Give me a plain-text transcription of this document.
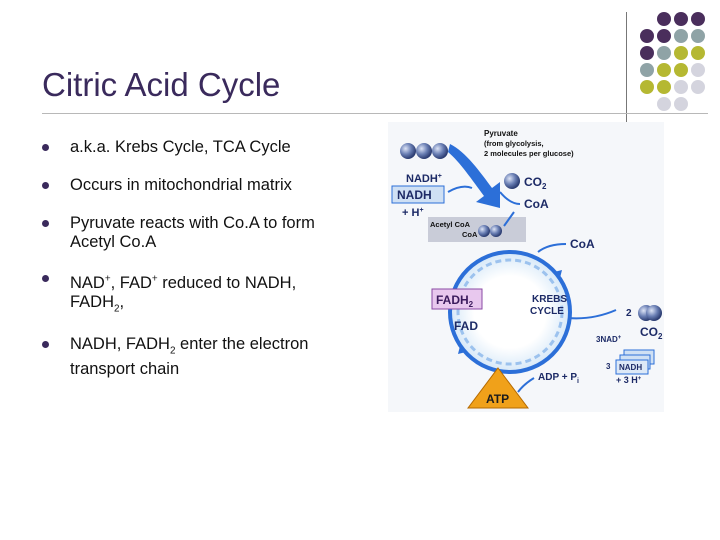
Citric Acid Cycle
a.k.a. Krebs Cycle, TCA Cycle
Occurs in mitochondrial matrix
Pyruvate reacts with Co.A to form Acetyl Co.A
NAD+, FAD+ reduced to NADH, $FADH_2$,
NADH, $FADH_2$ enter the electron transport chain
Pyruvate
(from glycolysis,
2 molecules per glucose)
NADH+
NADH
+ H+
$CO_2$
CoA
Acetyl CoA
CoA
CoA
KREBS
CYCLE
$FADH_2$
FAD
2
3NAD+ $CO_2$
3 NADH
+ 3 H+
ADP + $P_i$
ATP
